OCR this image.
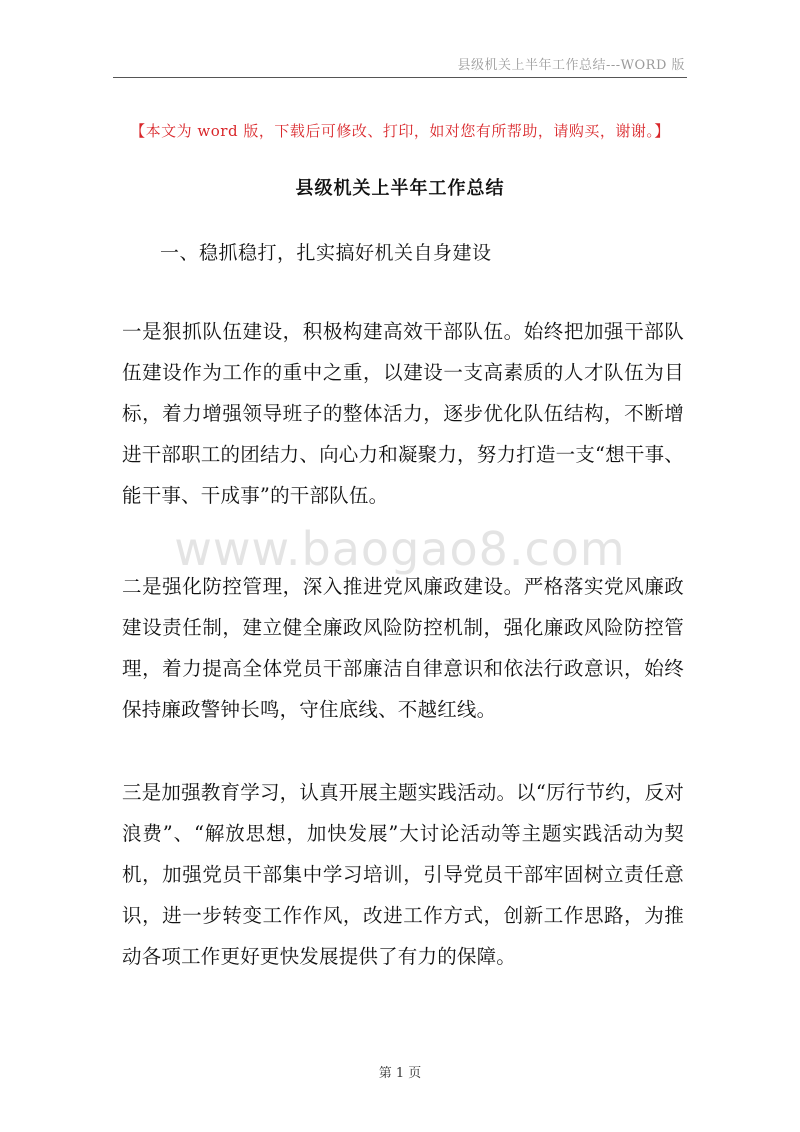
县级机关上半年工作总结---WORD 版
【本文为 word 版，下载后可修改、打印，如对您有所帮助，请购买，谢谢。】
县级机关上半年工作总结
一、稳抓稳打，扎实搞好机关自身建设

一是狠抓队伍建设，积极构建高效干部队伍。始终把加强干部队伍建设作为工作的重中之重，以建设一支高素质的人才队伍为目标，着力增强领导班子的整体活力，逐步优化队伍结构，不断增进干部职工的团结力、向心力和凝聚力，努力打造一支“想干事、能干事、干成事”的干部队伍。

www.baogao8.com

二是强化防控管理，深入推进党风廉政建设。严格落实党风廉政建设责任制，建立健全廉政风险防控机制，强化廉政风险防控管理，着力提高全体党员干部廉洁自律意识和依法行政意识，始终保持廉政警钟长鸣，守住底线、不越红线。

三是加强教育学习，认真开展主题实践活动。以“厉行节约，反对浪费”、“解放思想，加快发展”大讨论活动等主题实践活动为契机，加强党员干部集中学习培训，引导党员干部牢固树立责任意识，进一步转变工作作风，改进工作方式，创新工作思路，为推动各项工作更好更快发展提供了有力的保障。

第 1 页
